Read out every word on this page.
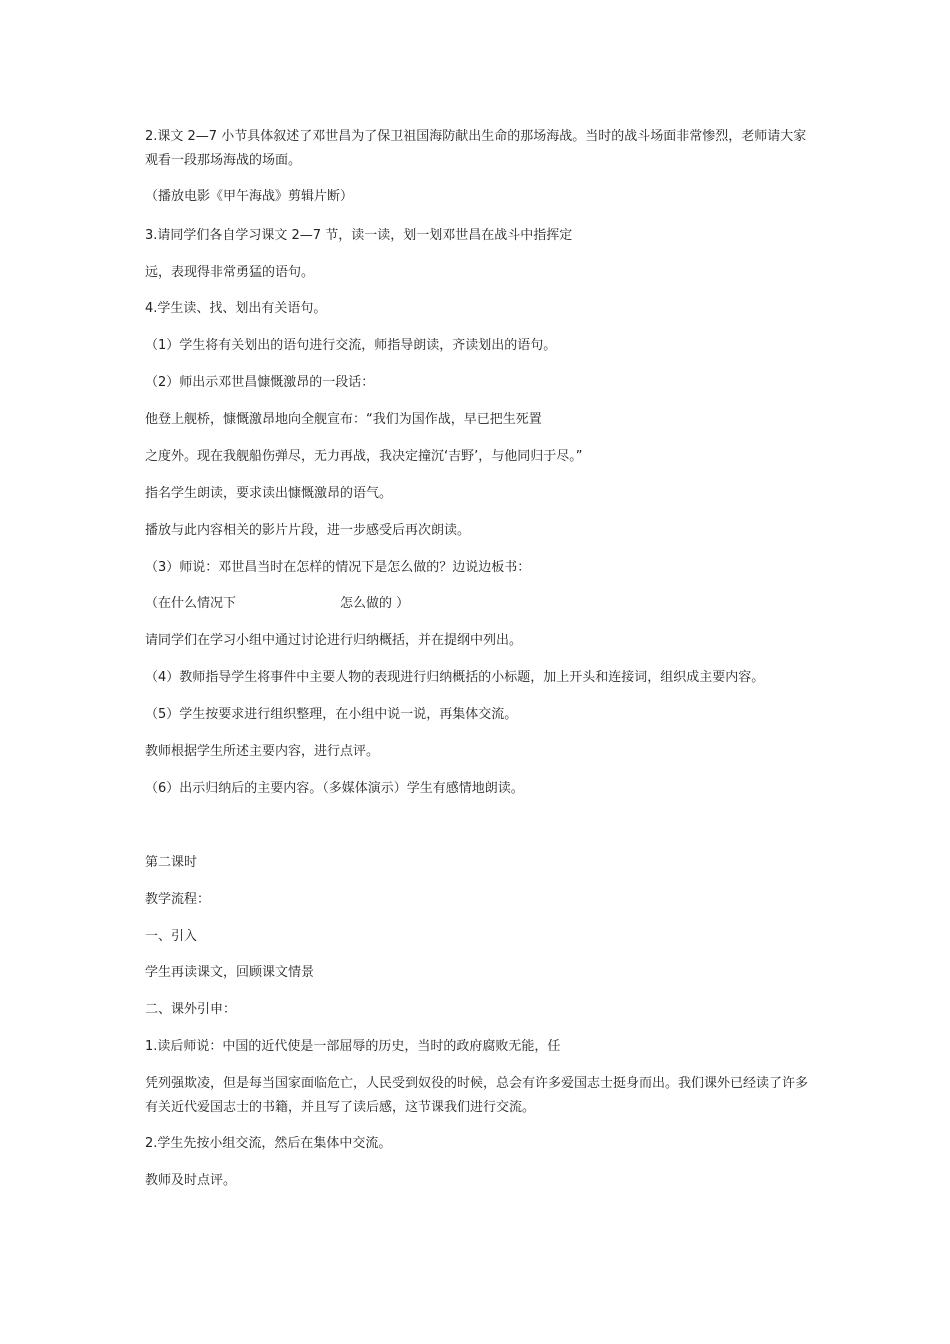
2.课文 2—7 小节具体叙述了邓世昌为了保卫祖国海防献出生命的那场海战。当时的战斗场面非常惨烈，老师请大家观看一段那场海战的场面。
（播放电影《甲午海战》剪辑片断）
3.请同学们各自学习课文 2—7 节，读一读，划一划邓世昌在战斗中指挥定
远，表现得非常勇猛的语句。
4.学生读、找、划出有关语句。
（1）学生将有关划出的语句进行交流，师指导朗读，齐读划出的语句。
（2）师出示邓世昌慷慨激昂的一段话：
他登上舰桥，慷慨激昂地向全舰宣布：“我们为国作战，早已把生死置
之度外。现在我舰船伤弹尽，无力再战，我决定撞沉‘吉野’，与他同归于尽。”
指名学生朗读，要求读出慷慨激昂的语气。
播放与此内容相关的影片片段，进一步感受后再次朗读。
（3）师说：邓世昌当时在怎样的情况下是怎么做的？边说边板书：
（在什么情况下	怎么做的 ）
请同学们在学习小组中通过讨论进行归纳概括，并在提纲中列出。
（4）教师指导学生将事件中主要人物的表现进行归纳概括的小标题，加上开头和连接词，组织成主要内容。
（5）学生按要求进行组织整理，在小组中说一说，再集体交流。
教师根据学生所述主要内容，进行点评。
（6）出示归纳后的主要内容。（多媒体演示）学生有感情地朗读。
第二课时
教学流程：
一、引入
学生再读课文，回顾课文情景
二、课外引申：
1.读后师说：中国的近代使是一部屈辱的历史，当时的政府腐败无能，任
凭列强欺凌，但是每当国家面临危亡，人民受到奴役的时候，总会有许多爱国志士挺身而出。我们课外已经读了许多有关近代爱国志士的书籍，并且写了读后感，这节课我们进行交流。
2.学生先按小组交流，然后在集体中交流。
教师及时点评。
